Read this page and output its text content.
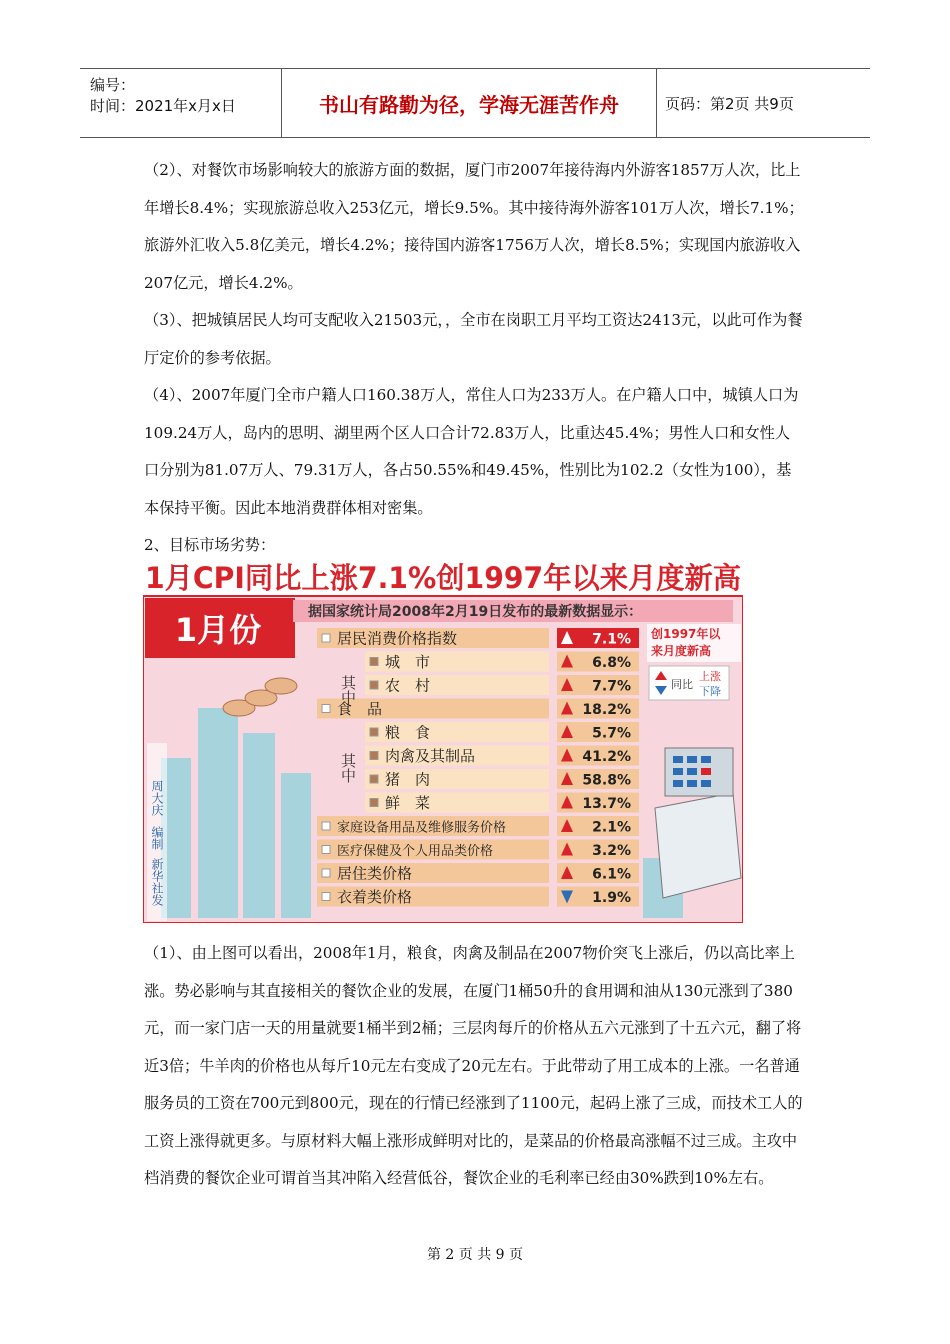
编号：
时间：2021年x月x日	书山有路勤为径，学海无涯苦作舟	页码：第2页 共9页

（2）、对餐饮市场影响较大的旅游方面的数据，厦门市2007年接待海内外游客1857万人次，比上年增长8.4%；实现旅游总收入253亿元，增长9.5%。其中接待海外游客101万人次，增长7.1%；旅游外汇收入5.8亿美元，增长4.2%；接待国内游客1756万人次，增长8.5%；实现国内旅游收入207亿元，增长4.2%。

（3）、把城镇居民人均可支配收入21503元，，全市在岗职工月平均工资达2413元，以此可作为餐厅定价的参考依据。

（4）、2007年厦门全市户籍人口160.38万人，常住人口为233万人。在户籍人口中，城镇人口为109.24万人，岛内的思明、湖里两个区人口合计72.83万人，比重达45.4%；男性人口和女性人口分别为81.07万人、79.31万人，各占50.55%和49.45%，性别比为102.2（女性为100），基本保持平衡。因此本地消费群体相对密集。

2、目标市场劣势：

1月CPI同比上涨7.1%创1997年以来月度新高
1月份	据国家统计局2008年2月19日发布的最新数据显示：
周大庆
编制
新华社发
居民消费价格指数	7.1%
城　市	6.8%
农　村	7.7%
食　品	18.2%
粮　食	5.7%
肉禽及其制品	41.2%
猪　肉	58.8%
鲜　菜	13.7%
家庭设备用品及维修服务价格	2.1%
医疗保健及个人用品类价格	3.2%
居住类价格	6.1%
衣着类价格	1.9%
其中
其中
创1997年以
来月度新高
同比
上涨
下降

（1）、由上图可以看出，2008年1月，粮食，肉禽及制品在2007物价突飞上涨后，仍以高比率上涨。势必影响与其直接相关的餐饮企业的发展，在厦门1桶50升的食用调和油从130元涨到了380元，而一家门店一天的用量就要1桶半到2桶；三层肉每斤的价格从五六元涨到了十五六元，翻了将近3倍；牛羊肉的价格也从每斤10元左右变成了20元左右。于此带动了用工成本的上涨。一名普通服务员的工资在700元到800元，现在的行情已经涨到了1100元，起码上涨了三成，而技术工人的工资上涨得就更多。与原材料大幅上涨形成鲜明对比的，是菜品的价格最高涨幅不过三成。主攻中档消费的餐饮企业可谓首当其冲陷入经营低谷，餐饮企业的毛利率已经由30%跌到10%左右。

第 2 页 共 9 页
